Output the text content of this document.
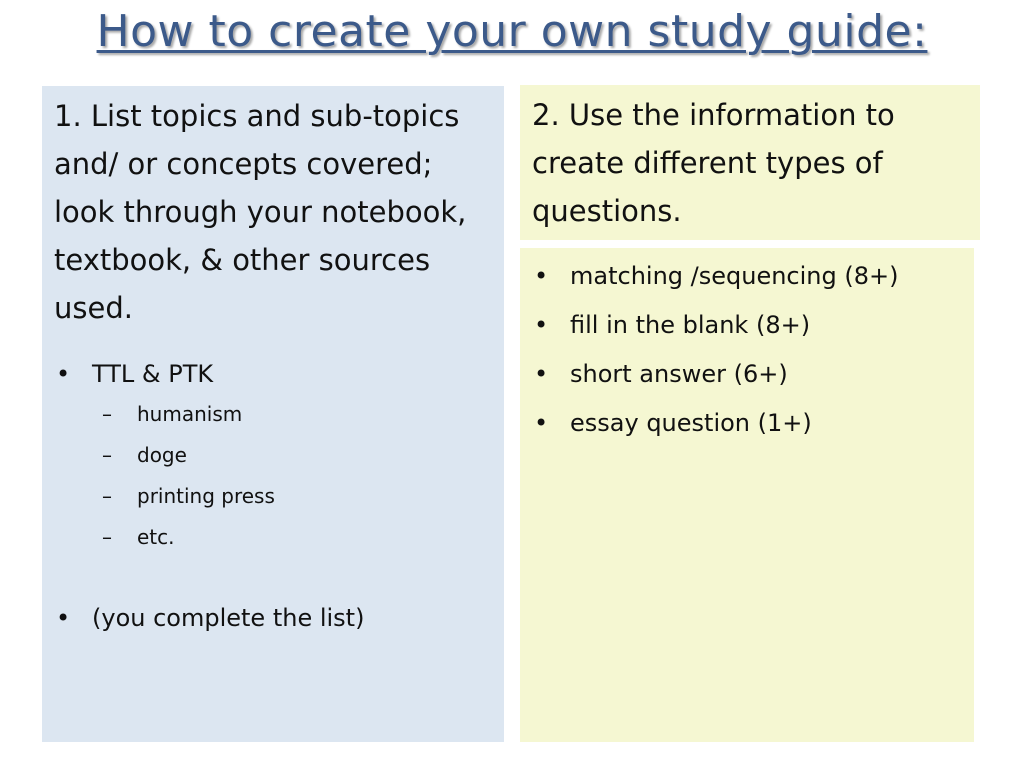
How to create your own study guide:
1. List topics and sub-topics and/ or concepts covered; look through your notebook, textbook, & other sources used.
• TTL & PTK
– humanism
– doge
– printing press
– etc.
• (you complete the list)
2. Use the information to create different types of questions.
• matching /sequencing (8+)
• fill in the blank (8+)
• short answer (6+)
• essay question (1+)
